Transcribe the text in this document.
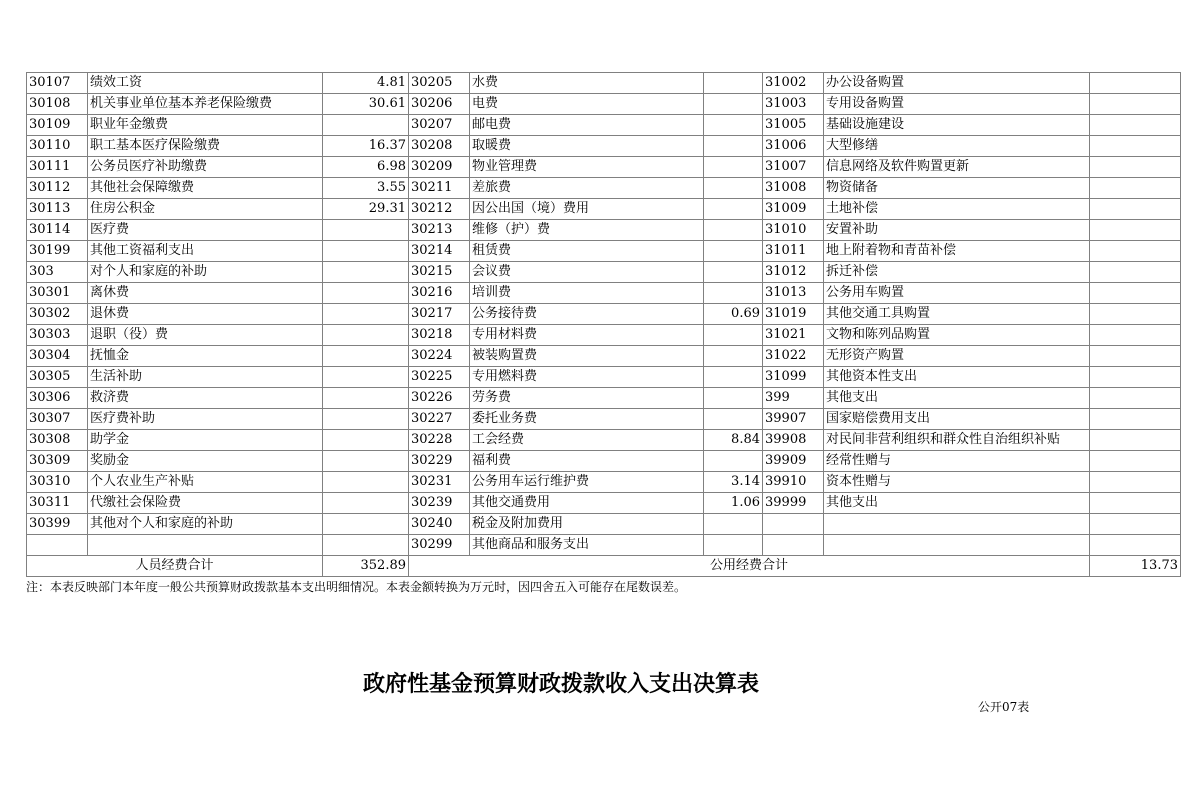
30107	绩效工资	4.81	30205	水费		31002	办公设备购置	
30108	机关事业单位基本养老保险缴费	30.61	30206	电费		31003	专用设备购置	
30109	职业年金缴费		30207	邮电费		31005	基础设施建设	
30110	职工基本医疗保险缴费	16.37	30208	取暖费		31006	大型修缮	
30111	公务员医疗补助缴费	6.98	30209	物业管理费		31007	信息网络及软件购置更新	
30112	其他社会保障缴费	3.55	30211	差旅费		31008	物资储备	
30113	住房公积金	29.31	30212	因公出国（境）费用		31009	土地补偿	
30114	医疗费		30213	维修（护）费		31010	安置补助	
30199	其他工资福利支出		30214	租赁费		31011	地上附着物和青苗补偿	
303	对个人和家庭的补助		30215	会议费		31012	拆迁补偿	
30301	离休费		30216	培训费		31013	公务用车购置	
30302	退休费		30217	公务接待费	0.69	31019	其他交通工具购置	
30303	退职（役）费		30218	专用材料费		31021	文物和陈列品购置	
30304	抚恤金		30224	被装购置费		31022	无形资产购置	
30305	生活补助		30225	专用燃料费		31099	其他资本性支出	
30306	救济费		30226	劳务费		399	其他支出	
30307	医疗费补助		30227	委托业务费		39907	国家赔偿费用支出	
30308	助学金		30228	工会经费	8.84	39908	对民间非营利组织和群众性自治组织补贴	
30309	奖励金		30229	福利费		39909	经常性赠与	
30310	个人农业生产补贴		30231	公务用车运行维护费	3.14	39910	资本性赠与	
30311	代缴社会保险费		30239	其他交通费用	1.06	39999	其他支出	
30399	其他对个人和家庭的补助		30240	税金及附加费用				
			30299	其他商品和服务支出				
人员经费合计		352.89	公用经费合计					13.73
注：本表反映部门本年度一般公共预算财政拨款基本支出明细情况。本表金额转换为万元时，因四舍五入可能存在尾数误差。
政府性基金预算财政拨款收入支出决算表
公开07表
